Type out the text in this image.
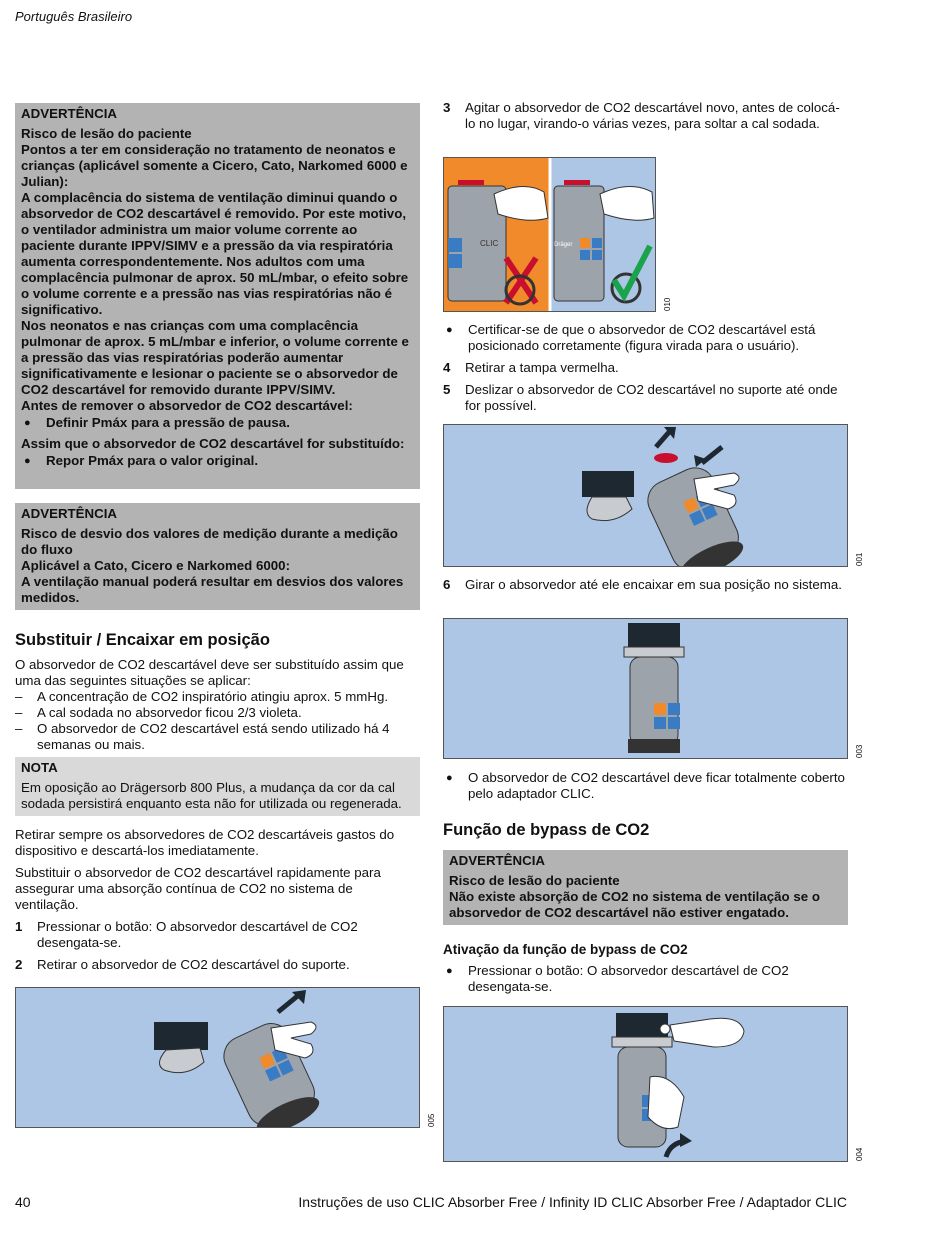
Português Brasileiro
ADVERTÊNCIA
Risco de lesão do paciente
Pontos a ter em consideração no tratamento de neonatos e crianças (aplicável somente a Cicero, Cato, Narkomed 6000 e Julian):
A complacência do sistema de ventilação diminui quando o absorvedor de CO2 descartável é removido. Por este motivo, o ventilador administra um maior volume corrente ao paciente durante IPPV/SIMV e a pressão da via respiratória aumenta correspondentemente. Nos adultos com uma complacência pulmonar de aprox. 50 mL/mbar, o efeito sobre o volume corrente e a pressão nas vias respiratórias não é significativo.
Nos neonatos e nas crianças com uma complacência pulmonar de aprox. 5 mL/mbar e inferior, o volume corrente e a pressão das vias respiratórias poderão aumentar significativamente e lesionar o paciente se o absorvedor de CO2 descartável for removido durante IPPV/SIMV.
Antes de remover o absorvedor de CO2 descartável:
●	Definir Pmáx para a pressão de pausa.
Assim que o absorvedor de CO2 descartável for substituído:
●	Repor Pmáx para o valor original.
ADVERTÊNCIA
Risco de desvio dos valores de medição durante a medição do fluxo
Aplicável a Cato, Cicero e Narkomed 6000:
A ventilação manual poderá resultar em desvios dos valores medidos.
Substituir / Encaixar em posição

O absorvedor de CO2 descartável deve ser substituído assim que uma das seguintes situações se aplicar:

–	A concentração de CO2 inspiratório atingiu aprox. 5 mmHg.
–	A cal sodada no absorvedor ficou 2/3 violeta.
–	O absorvedor de CO2 descartável está sendo utilizado há 4 semanas ou mais.
NOTA
Em oposição ao Drägersorb 800 Plus, a mudança da cor da cal sodada persistirá enquanto esta não for utilizada ou regenerada.

Retirar sempre os absorvedores de CO2 descartáveis gastos do dispositivo e descartá-los imediatamente.

Substituir o absorvedor de CO2 descartável rapidamente para assegurar uma absorção contínua de CO2 no sistema de ventilação.

1	Pressionar o botão: O absorvedor descartável de CO2 desengata-se.
2	Retirar o absorvedor de CO2 descartável do suporte.
005
3	Agitar o absorvedor de CO2 descartável novo, antes de colocá-lo no lugar, virando-o várias vezes, para soltar a cal sodada.
CLIC	Dräger
010
●	Certificar-se de que o absorvedor de CO2 descartável está posicionado corretamente (figura virada para o usuário).
4	Retirar a tampa vermelha.
5	Deslizar o absorvedor de CO2 descartável no suporte até onde for possível.
001
6	Girar o absorvedor até ele encaixar em sua posição no sistema.
003
●	O absorvedor de CO2 descartável deve ficar totalmente coberto pelo adaptador CLIC.
Função de bypass de CO2
ADVERTÊNCIA
Risco de lesão do paciente
Não existe absorção de CO2 no sistema de ventilação se o absorvedor de CO2 descartável não estiver engatado.
Ativação da função de bypass de CO2
●	Pressionar o botão: O absorvedor descartável de CO2 desengata-se.
004
40	Instruções de uso CLIC Absorber Free / Infinity ID CLIC Absorber Free / Adaptador CLIC
